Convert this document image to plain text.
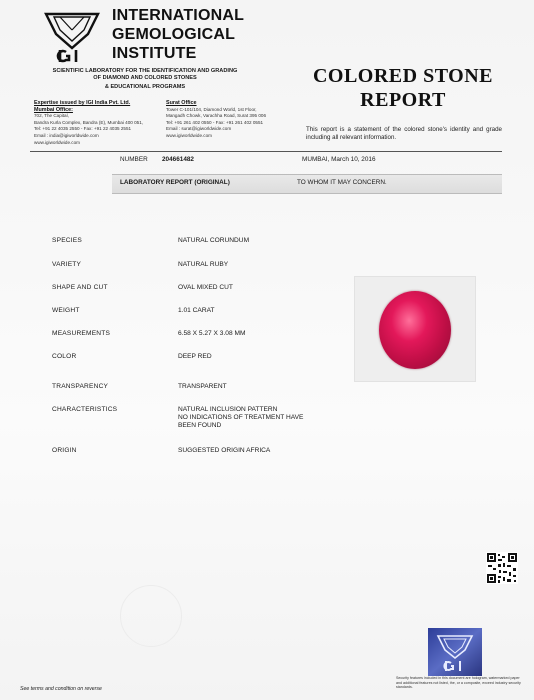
INTERNATIONAL
GEMOLOGICAL
INSTITUTE
SCIENTIFIC LABORATORY FOR THE IDENTIFICATION AND GRADING
OF DIAMOND AND COLORED STONES
& EDUCATIONAL PROGRAMS
Expertise issued by IGI India Pvt. Ltd.
Mumbai Office:
702, The Capital,
Bandra Kurla Complex, Bandra (E), Mumbai 400 051,
Tel: +91 22 4035 2550 - Fax: +91 22 4035 2551
Email : india@igiworldwide.com
www.igiworldwide.com
Surat Office
Tower C-101/104, Diamond World, 1st Floor,
Mangadh Chowk, Varachha Road, Surat 395 006
Tel: +91 261 402 0550 - Fax: +91 261 402 0551
Email : surat@igiworldwide.com
www.igiworldwide.com
COLORED STONE
REPORT
This report is a statement of the colored stone's identity and grade including all relevant information.
NUMBER 204661482	MUMBAI, March 10, 2016
LABORATORY REPORT (ORIGINAL)	TO WHOM IT MAY CONCERN.
SPECIES	NATURAL CORUNDUM
VARIETY	NATURAL RUBY
SHAPE AND CUT	OVAL MIXED CUT
WEIGHT	1.01 CARAT
MEASUREMENTS	6.58 X 5.27 X 3.08 MM
COLOR	DEEP RED
TRANSPARENCY	TRANSPARENT
CHARACTERISTICS	NATURAL INCLUSION PATTERN
NO INDICATIONS OF TREATMENT HAVE
BEEN FOUND
ORIGIN	SUGGESTED ORIGIN AFRICA
Security features included in this document are hologram, watermarked paper and additional features not listed, the, or a composite, exceed industry security standards.
See terms and condition on reverse
